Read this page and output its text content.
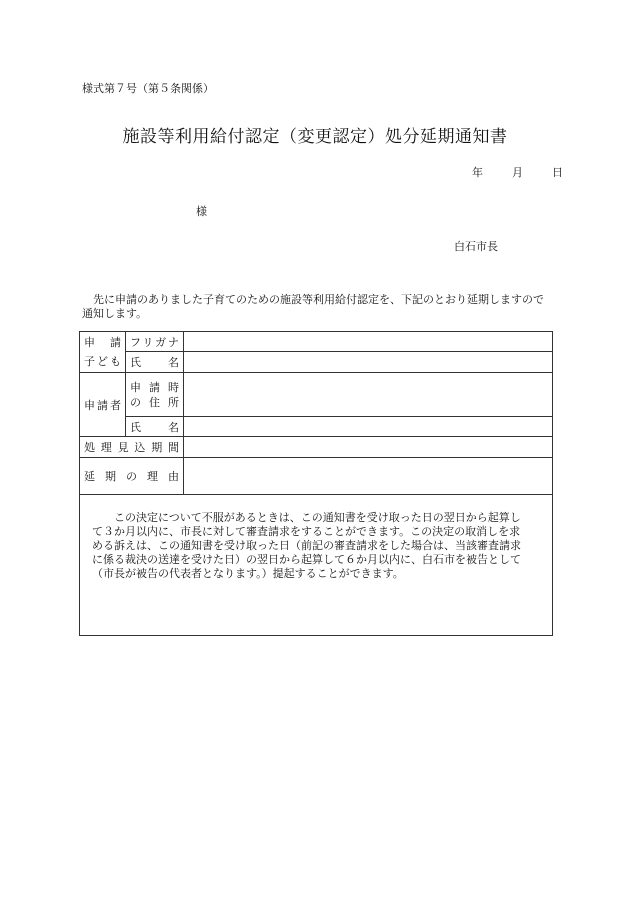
様式第７号（第５条関係）
施設等利用給付認定（変更認定）処分延期通知書
年	月	日
様
白石市長
先に申請のありました子育てのための施設等利用給付認定を、下記のとおり延期しますので通知します。
申　請
子ども	フリガナ	
	氏　　名	
申請者	申 請 時
の 住 所	

	氏　　名	
処理見込期間		
延期の理由		

この決定について不服があるときは、この通知書を受け取った日の翌日から起算して３か月以内に、市長に対して審査請求をすることができます。この決定の取消しを求める訴えは、この通知書を受け取った日（前記の審査請求をした場合は、当該審査請求に係る裁決の送達を受けた日）の翌日から起算して６か月以内に、白石市を被告として（市長が被告の代表者となります。）提起することができます。		
